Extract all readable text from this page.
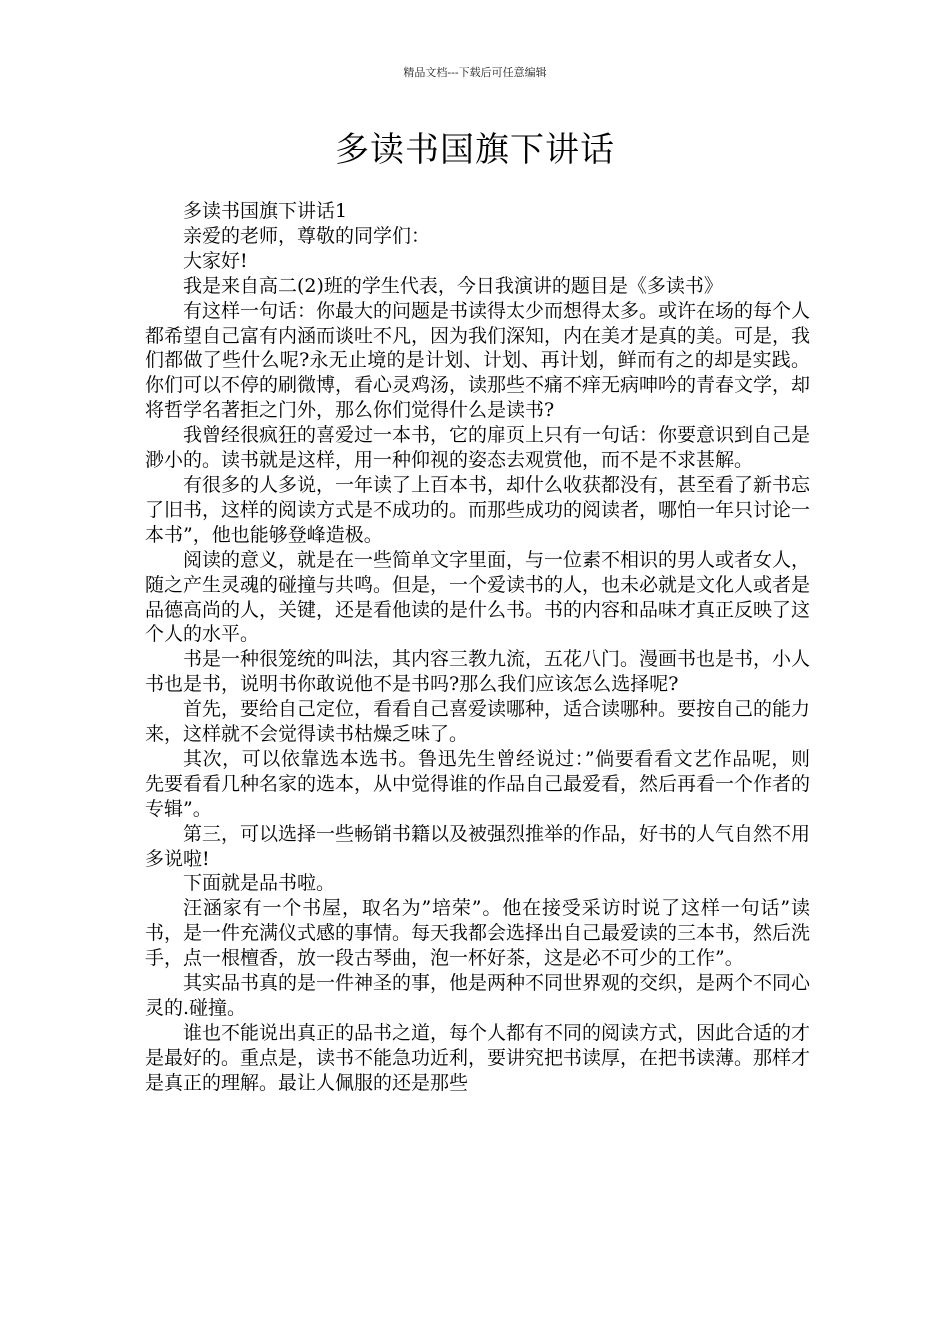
精品文档---下载后可任意编辑
多读书国旗下讲话

多读书国旗下讲话1

亲爱的老师，尊敬的同学们：

大家好!

我是来自高二(2)班的学生代表，今日我演讲的题目是《多读书》

有这样一句话：你最大的问题是书读得太少而想得太多。或许在场的每个人都希望自己富有内涵而谈吐不凡，因为我们深知，内在美才是真的美。可是，我们都做了些什么呢?永无止境的是计划、计划、再计划，鲜而有之的却是实践。你们可以不停的刷微博，看心灵鸡汤，读那些不痛不痒无病呻吟的青春文学，却将哲学名著拒之门外，那么你们觉得什么是读书?

我曾经很疯狂的喜爱过一本书，它的扉页上只有一句话：你要意识到自己是渺小的。读书就是这样，用一种仰视的姿态去观赏他，而不是不求甚解。

有很多的人多说，一年读了上百本书，却什么收获都没有，甚至看了新书忘了旧书，这样的阅读方式是不成功的。而那些成功的阅读者，哪怕一年只讨论一本书”，他也能够登峰造极。

阅读的意义，就是在一些简单文字里面，与一位素不相识的男人或者女人，随之产生灵魂的碰撞与共鸣。但是，一个爱读书的人，也未必就是文化人或者是品德高尚的人，关键，还是看他读的是什么书。书的内容和品味才真正反映了这个人的水平。

书是一种很笼统的叫法，其内容三教九流，五花八门。漫画书也是书，小人书也是书，说明书你敢说他不是书吗?那么我们应该怎么选择呢?

首先，要给自己定位，看看自己喜爱读哪种，适合读哪种。要按自己的能力来，这样就不会觉得读书枯燥乏味了。

其次，可以依靠选本选书。鲁迅先生曾经说过：”倘要看看文艺作品呢，则先要看看几种名家的选本，从中觉得谁的作品自己最爱看，然后再看一个作者的专辑”。

第三，可以选择一些畅销书籍以及被强烈推举的作品，好书的人气自然不用多说啦!

下面就是品书啦。

汪涵家有一个书屋，取名为”培荣”。他在接受采访时说了这样一句话”读书，是一件充满仪式感的事情。每天我都会选择出自己最爱读的三本书，然后洗手，点一根檀香，放一段古琴曲，泡一杯好茶，这是必不可少的工作”。

其实品书真的是一件神圣的事，他是两种不同世界观的交织，是两个不同心灵的.碰撞。

谁也不能说出真正的品书之道，每个人都有不同的阅读方式，因此合适的才是最好的。重点是，读书不能急功近利，要讲究把书读厚，在把书读薄。那样才是真正的理解。最让人佩服的还是那些
